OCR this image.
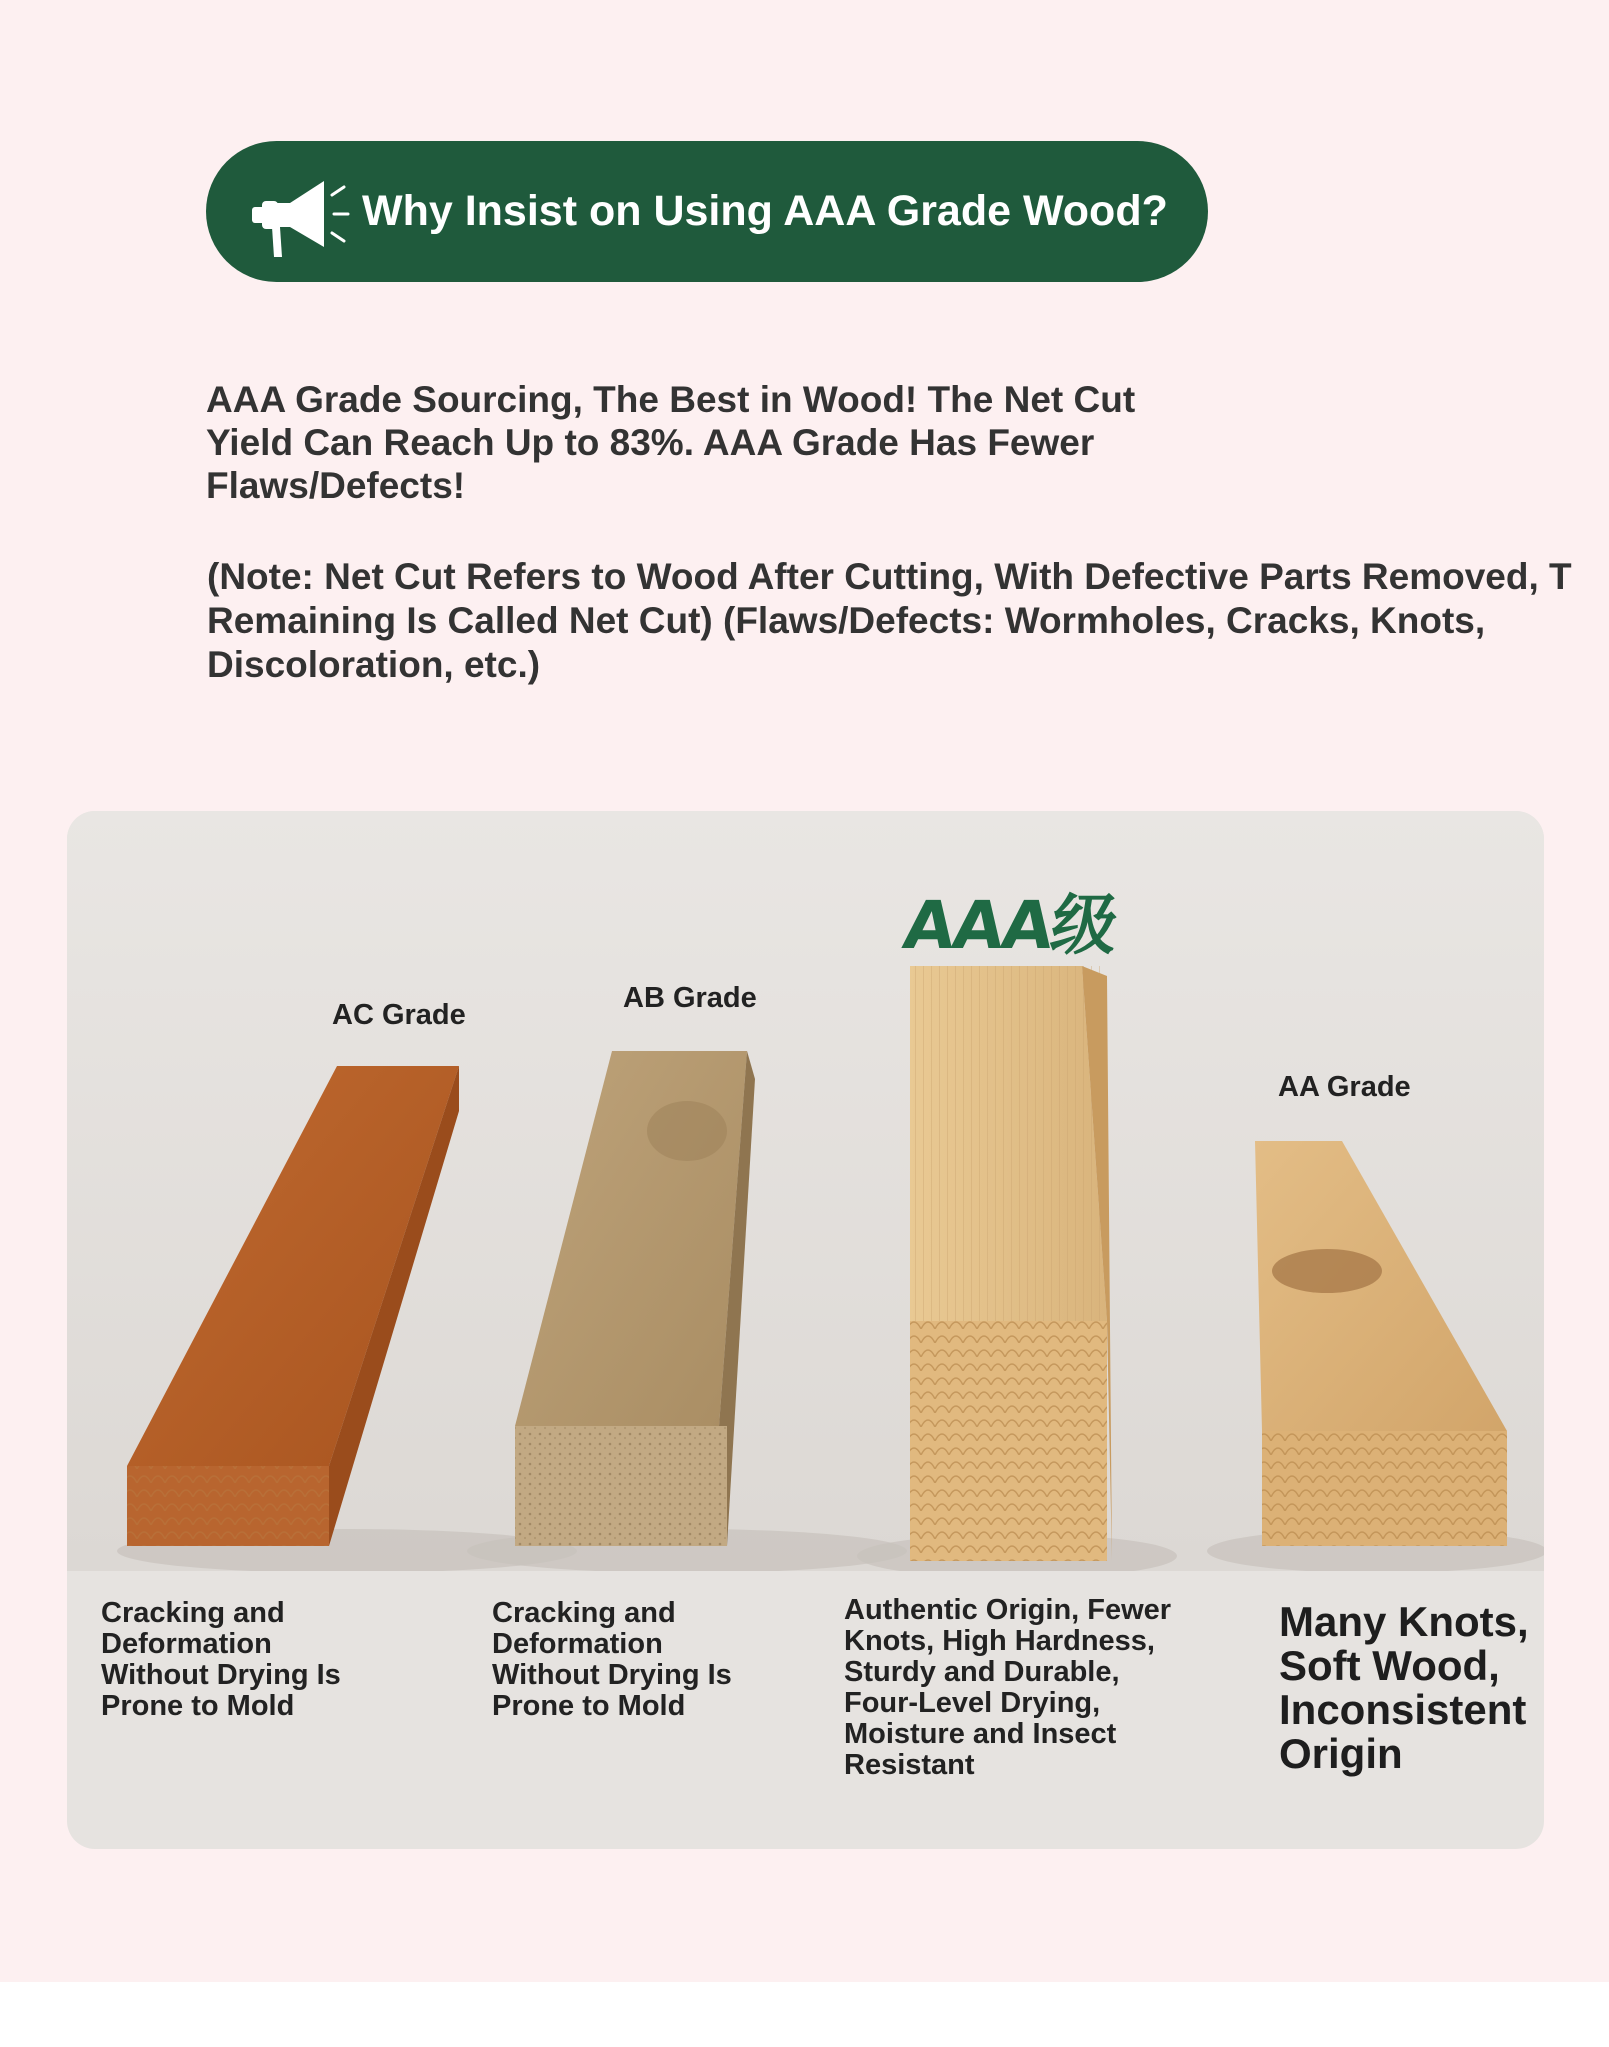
Why Insist on Using AAA Grade Wood?
AAA Grade Sourcing, The Best in Wood! The Net Cut
Yield Can Reach Up to 83%. AAA Grade Has Fewer
Flaws/Defects!
(Note: Net Cut Refers to Wood After Cutting, With Defective Parts Removed, T
Remaining Is Called Net Cut) (Flaws/Defects: Wormholes, Cracks, Knots,
Discoloration, etc.)
AAA级
AC Grade
AB Grade
AA Grade
Cracking and
Deformation
Without Drying Is
Prone to Mold
Cracking and
Deformation
Without Drying Is
Prone to Mold
Authentic Origin, Fewer
Knots, High Hardness,
Sturdy and Durable,
Four-Level Drying,
Moisture and Insect
Resistant
Many Knots,
Soft Wood,
Inconsistent
Origin
